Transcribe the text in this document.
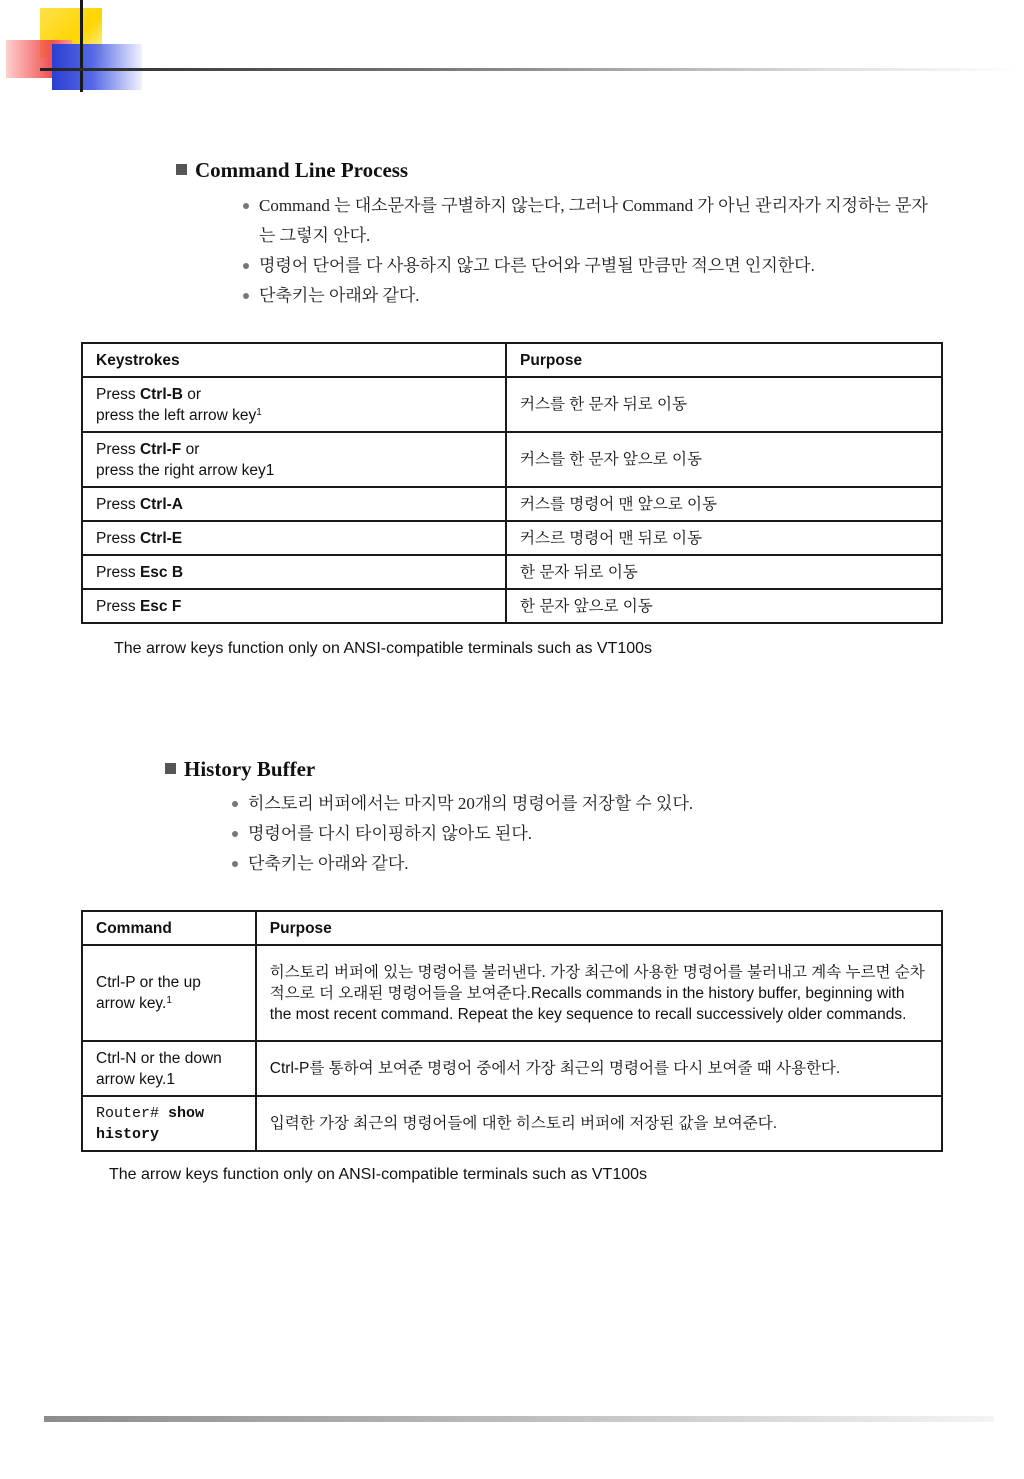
Command Line Process
Command 는 대소문자를 구별하지 않는다, 그러나 Command 가 아닌 관리자가 지정하는 문자는 그렇지 안다.
명령어 단어를 다 사용하지 않고 다른 단어와 구별될 만큼만 적으면 인지한다.
단축키는 아래와 같다.
Keystrokes	Purpose
Press Ctrl-B or
press the left arrow key$^1$	커스를 한 문자 뒤로 이동
Press Ctrl-F or
press the right arrow key1	커스를 한 문자 앞으로 이동
Press Ctrl-A	커스를 명령어 맨 앞으로 이동
Press Ctrl-E	커스르 명령어 맨 뒤로 이동
Press Esc B	한 문자 뒤로 이동
Press Esc F	한 문자 앞으로 이동
The arrow keys function only on ANSI-compatible terminals such as VT100s
History Buffer
히스토리 버퍼에서는 마지막 20개의 명령어를 저장할 수 있다.
명령어를 다시 타이핑하지 않아도 된다.
단축키는 아래와 같다.
Command	Purpose
Ctrl-P or the up
arrow key.$^1$	히스토리 버퍼에 있는 명령어를 불러낸다. 가장 최근에 사용한 명령어를 불러내고 계속 누르면 순차적으로 더 오래된 명령어들을 보여준다.Recalls commands in the history buffer, beginning with the most recent command. Repeat the key sequence to recall successively older commands.
Ctrl-N or the down
arrow key.1	Ctrl-P를 통하여 보여준 명령어 중에서 가장 최근의 명령어를 다시 보여줄 때 사용한다.
Router# show
history	입력한 가장 최근의 명령어들에 대한 히스토리 버퍼에 저장된 값을 보여준다.
The arrow keys function only on ANSI-compatible terminals such as VT100s
